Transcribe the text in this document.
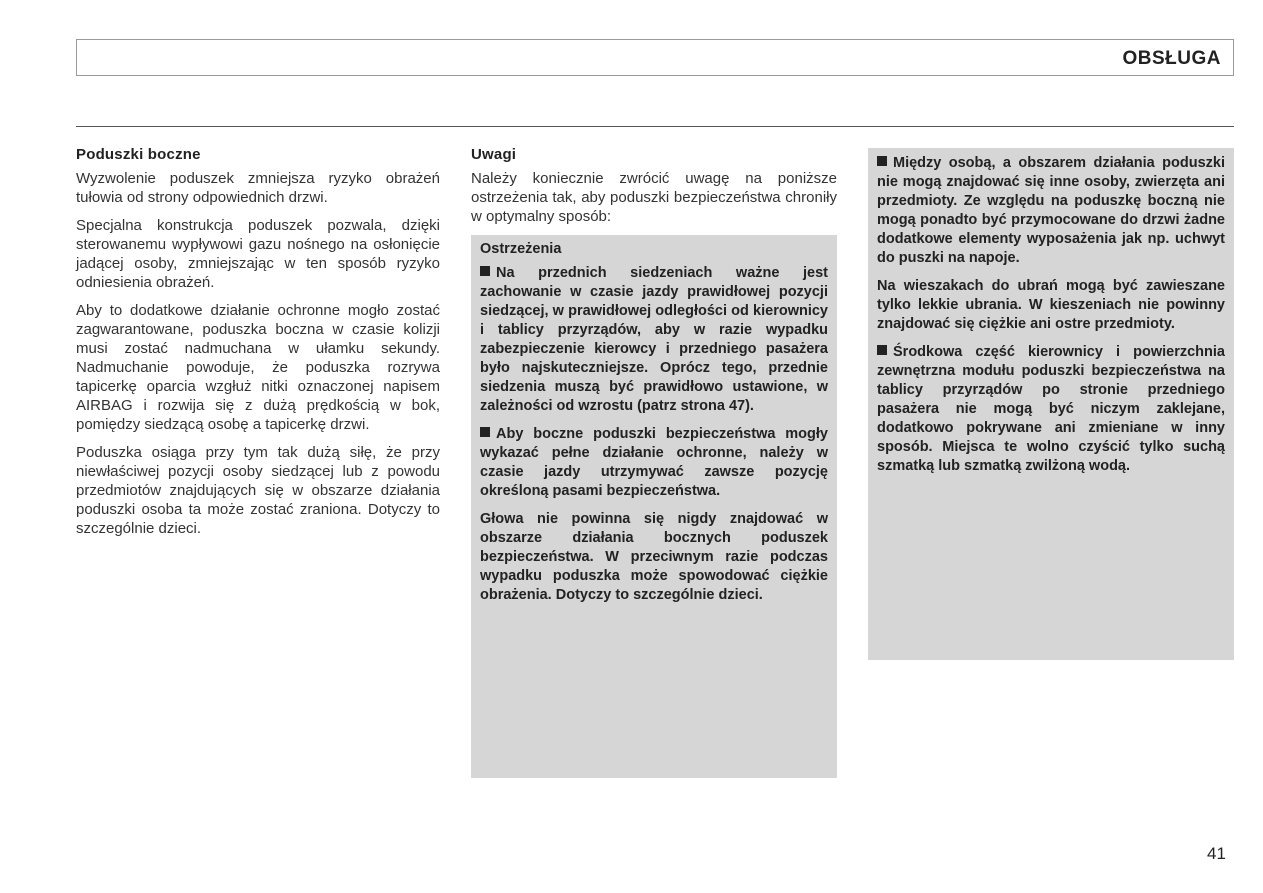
OBSŁUGA
Poduszki boczne

Wyzwolenie poduszek zmniejsza ryzyko obrażeń tułowia od strony odpowiednich drzwi.

Specjalna konstrukcja poduszek pozwala, dzięki sterowanemu wypływowi gazu nośnego na osłonięcie jadącej osoby, zmniejszając w ten sposób ryzyko odniesienia obrażeń.

Aby to dodatkowe działanie ochronne mogło zostać zagwarantowane, poduszka boczna w czasie kolizji musi zostać nadmuchana w ułamku sekundy. Nadmuchanie powoduje, że poduszka rozrywa tapicerkę oparcia wzgłuż nitki oznaczonej napisem AIRBAG i rozwija się z dużą prędkością w bok, pomiędzy siedzącą osobę a tapicerkę drzwi.

Poduszka osiąga przy tym tak dużą siłę, że przy niewłaściwej pozycji osoby siedzącej lub z powodu przedmiotów znajdujących się w obszarze działania poduszki osoba ta może zostać zraniona. Dotyczy to szczególnie dzieci.

Uwagi

Należy koniecznie zwrócić uwagę na poniższe ostrzeżenia tak, aby poduszki bezpieczeństwa chroniły w optymalny sposób:

Ostrzeżenia

Na przednich siedzeniach ważne jest zachowanie w czasie jazdy prawidłowej pozycji siedzącej, w prawidłowej odległości od kierownicy i tablicy przyrządów, aby w razie wypadku zabezpieczenie kierowcy i przedniego pasażera było najskuteczniejsze. Oprócz tego, przednie siedzenia muszą być prawidłowo ustawione, w zależności od wzrostu (patrz strona 47).

Aby boczne poduszki bezpieczeństwa mogły wykazać pełne działanie ochronne, należy w czasie jazdy utrzymywać zawsze pozycję określoną pasami bezpieczeństwa.

Głowa nie powinna się nigdy znajdować w obszarze działania bocznych poduszek bezpieczeństwa. W przeciwnym razie podczas wypadku poduszka może spowodować ciężkie obrażenia. Dotyczy to szczególnie dzieci.

Między osobą, a obszarem działania poduszki nie mogą znajdować się inne osoby, zwierzęta ani przedmioty. Ze względu na poduszkę boczną nie mogą ponadto być przymocowane do drzwi żadne dodatkowe elementy wyposażenia jak np. uchwyt do puszki na napoje.

Na wieszakach do ubrań mogą być zawieszane tylko lekkie ubrania. W kieszeniach nie powinny znajdować się ciężkie ani ostre przedmioty.

Środkowa część kierownicy i powierzchnia zewnętrzna modułu poduszki bezpieczeństwa na tablicy przyrządów po stronie przedniego pasażera nie mogą być niczym zaklejane, dodatkowo pokrywane ani zmieniane w inny sposób. Miejsca te wolno czyścić tylko suchą szmatką lub szmatką zwilżoną wodą.

41
